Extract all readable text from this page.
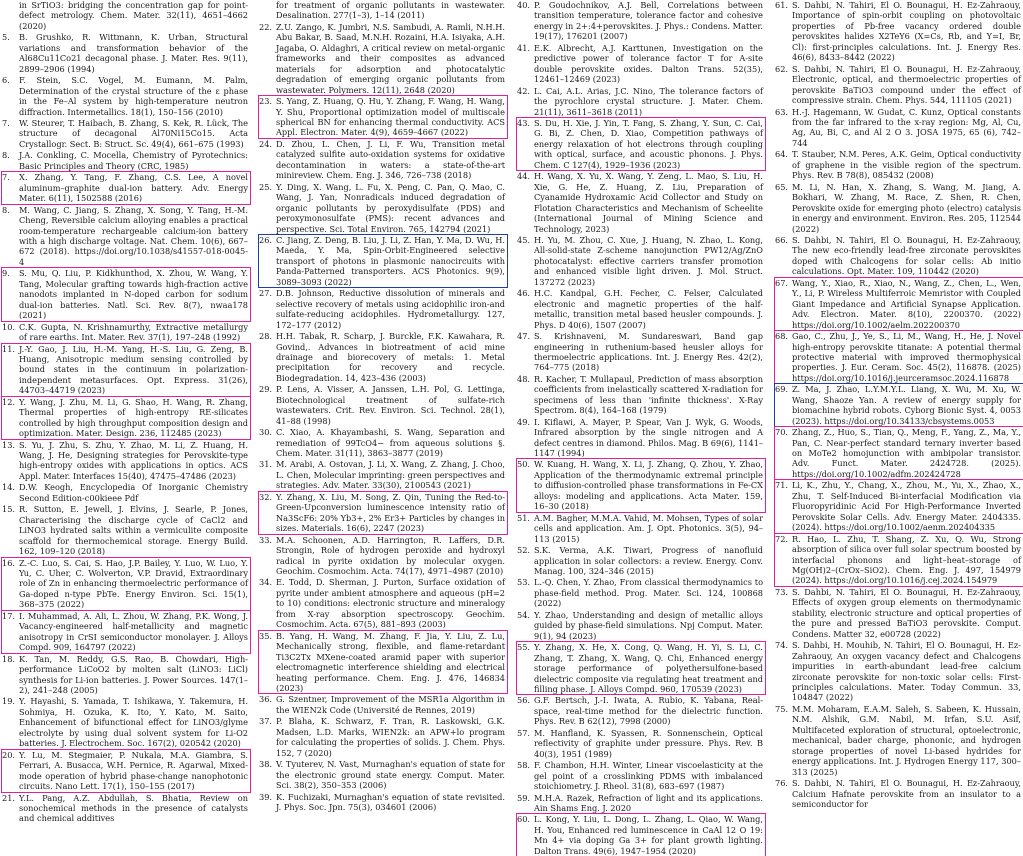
in SrTiO3: bridging the concentration gap for point-defect metrology. Chem. Mater. 32(11), 4651–4662 (2020)
5.	B. Grushko, R. Wittmann, K. Urban, Structural variations and transformation behavior of the Al68Cu11Co21 decagonal phase. J. Mater. Res. 9(11), 2899–2906 (1994)
6.	F. Stein, S.C. Vogel, M. Eumann, M. Palm, Determination of the crystal structure of the ε phase in the Fe–Al system by high-temperature neutron diffraction. Intermetallics. 18(1), 150–156 (2010)
7.	W. Steurer, T. Haibach, B. Zhang, S. Kek, R. Lück, The structure of decagonal Al70Ni15Co15. Acta Crystallogr. Sect. B: Struct. Sc. 49(4), 661–675 (1993)
8.	J.A. Conkling, C. Mocella, Chemistry of Pyrotechnics: Basic Principles and Theory (CRC, 1985)
7.	X. Zhang, Y. Tang, F. Zhang, C.S. Lee, A novel aluminum–graphite dual-ion battery. Adv. Energy Mater. 6(11), 1502588 (2016)
8.	M. Wang, C. Jiang, S. Zhang, X. Song, Y. Tang, H.-M. Cheng, Reversible calcium alloying enables a practical room-temperature rechargeable calcium-ion battery with a high discharge voltage. Nat. Chem. 10(6), 667–672 (2018). https://doi.org/10.1038/s41557-018-0045-4
9.	S. Mu, Q. Liu, P. Kidkhunthod, X. Zhou, W. Wang, Y. Tang, Molecular grafting towards high-fraction active nanodots implanted in N-doped carbon for sodium dual-ion batteries. Natl. Sci. Rev. 8(7), nwaa178 (2021)
10. C.K. Gupta, N. Krishnamurthy, Extractive metallurgy of rare earths. Int. Mater. Rev. 37(1), 197–248 (1992)
11. J.-Y. Gao, J. Liu, H.-M. Yang, H.-S. Liu, G. Zeng, B. Huang, Anisotropic medium sensing controlled by bound states in the continuum in polarization-independent metasurfaces. Opt. Express. 31(26), 44703–44719 (2023)
12. Y. Wang, J. Zhu, M. Li, G. Shao, H. Wang, R. Zhang, Thermal properties of high-entropy RE-silicates controlled by high throughput composition design and optimization. Mater. Design. 236, 112485 (2023)
13. S. Yu, J. Zhu, S. Zhu, Y. Zhao, M. Li, Z. Huang, H. Wang, J. He, Designing strategies for Perovskite-type high-entropy oxides with applications in optics. ACS Appl. Mater. Interfaces 15(40), 47475–47486 (2023)
14. D.W. Keogh, Encyclopedia Of Inorganic Chemistry Second Edition-c00kieee Pdf
15. R. Sutton, E. Jewell, J. Elvins, J. Searle, P. Jones, Characterising the discharge cycle of CaCl2 and LiNO3 hydrated salts within a vermiculite composite scaffold for thermochemical storage. Energy Build. 162, 109–120 (2018)
16. Z.-C. Luo, S. Cai, S. Hao, J.P. Bailey, Y. Luo, W. Luo, Y. Yu, C. Uher, C. Wolverton, V.P. Dravid, Extraordinary role of Zn in enhancing thermoelectric performance of Ga-doped n-type PbTe. Energy Environ. Sci. 15(1), 368–375 (2022)
17. I. Muhammad, A. Ali, L. Zhou, W. Zhang, P.K. Wong, J. Vacancy-engineered half-metallicity and magnetic anisotropy in CrSI semiconductor monolayer. J. Alloys Compd. 909, 164797 (2022)
18. K. Tan, M. Reddy, G.S. Rao, B. Chowdari, High-performance LiCoO2 by molten salt (LiNO3: LiCl) synthesis for Li-ion batteries. J. Power Sources. 147(1–2), 241–248 (2005)
19. Y. Hayashi, S. Yamada, T. Ishikawa, Y. Takemura, H. Sohmiya, H. Ozuka, K. Ito, Y. Kato, M. Saito, Enhancement of bifunctional effect for LiNO3/glyme electrolyte by using dual solvent system for Li-O2 batteries. J. Electrochem. Soc. 167(2), 020542 (2020)
20. Y. Lu, M. Stegmaier, P. Nukala, M.A. Giambra, S. Ferrari, A. Busacca, W.H. Pernice, R. Agarwal, Mixed-mode operation of hybrid phase-change nanophotonic circuits. Nano Lett. 17(1), 150–155 (2017)
21. Y.L. Pang, A.Z. Abdullah, S. Bhatia, Review on sonochemical methods in the presence of catalysts and chemical additives
for treatment of organic pollutants in wastewater. Desalination. 277(1–3), 1–14 (2011)
22. Z.U. Zango, K. Jumbri, N.S. Sambudi, A. Ramli, N.H.H. Abu Bakar, B. Saad, M.N.H. Rozaini, H.A. Isiyaka, A.H. Jagaba, O. Aldaghri, A critical review on metal-organic frameworks and their composites as advanced materials for adsorption and photocatalytic degradation of emerging organic pollutants from wastewater. Polymers. 12(11), 2648 (2020)
23. S. Yang, Z. Huang, Q. Hu, Y. Zhang, F. Wang, H. Wang, Y. Shu, Proportional optimization model of multiscale spherical BN for enhancing thermal conductivity. ACS Appl. Electron. Mater. 4(9), 4659–4667 (2022)
24. D. Zhou, L. Chen, J. Li, F. Wu, Transition metal catalyzed sulfite auto-oxidation systems for oxidative decontamination in waters: a state-of-the-art minireview. Chem. Eng. J. 346, 726–738 (2018)
25. Y. Ding, X. Wang, L. Fu, X. Peng, C. Pan, Q. Mao, C. Wang, J. Yan, Nonradicals induced degradation of organic pollutants by peroxydisulfate (PDS) and peroxymonosulfate (PMS): recent advances and perspective. Sci. Total Environ. 765, 142794 (2021)
26. C. Jiang, Z. Deng, B. Liu, J. Li, Z. Han, Y. Ma, D. Wu, H. Maeda, Y. Ma, Spin-Orbit-Engineered selective transport of photons in plasmonic nanocircuits with Panda-Patterned transporters. ACS Photonics. 9(9), 3089–3093 (2022)
27. D.B. Johnson, Reductive dissolution of minerals and selective recovery of metals using acidophilic iron-and sulfate-reducing acidophiles. Hydrometallurgy. 127, 172–177 (2012)
28. H.H. Tabak, R. Scharp, J. Burckle, F.K. Kawahara, R. Govind,. Advances in biotreatment of acid mine drainage and biorecovery of metals: 1. Metal precipitation for recovery and recycle. Biodegradation. 14, 423–436 (2003)
29. P. Lens, A. Visser, A. Janssen, L.H. Pol, G. Lettinga, Biotechnological treatment of sulfate-rich wastewaters. Crit. Rev. Environ. Sci. Technol. 28(1), 41–88 (1998)
30. C. Xiao, A. Khayambashi, S. Wang, Separation and remediation of 99TcO4− from aqueous solutions §. Chem. Mater. 31(11), 3863–3877 (2019)
31. M. Arabi, A. Ostovan, J. Li, X. Wang, Z. Zhang, J. Choo, L. Chen, Molecular imprinting: green perspectives and strategies. Adv. Mater. 33(30), 2100543 (2021)
32. Y. Zhang, X. Liu, M. Song, Z. Qin, Tuning the Red-to-Green-Upconversion luminescence intensity ratio of Na3ScF6: 20% Yb3+, 2% Er3+ Particles by changes in sizes. Materials. 16(6), 2247 (2023)
33. M.A. Schoonen, A.D. Harrington, R. Laffers, D.R. Strongin, Role of hydrogen peroxide and hydroxyl radical in pyrite oxidation by molecular oxygen. Geochim. Cosmochim. Acta. 74(17), 4971–4987 (2010)
34. E. Todd, D. Sherman, J. Purton, Surface oxidation of pyrite under ambient atmosphere and aqueous (pH=2 to 10) conditions: electronic structure and mineralogy from X-ray absorption spectroscopy. Geochim. Cosmochim. Acta. 67(5), 881–893 (2003)
35. B. Yang, H. Wang, M. Zhang, F. Jia, Y. Liu, Z. Lu, Mechanically strong, flexible, and flame-retardant Ti3C2Tx MXene-coated aramid paper with superior electromagnetic interference shielding and electrical heating performance. Chem. Eng. J. 476, 146834 (2023)
36. G. Szentner, Improvement of the MSR1a Algorithm in the WIEN2k Code (Université de Rennes, 2019)
37. P. Blaha, K. Schwarz, F. Tran, R. Laskowski, G.K. Madsen, L.D. Marks, WIEN2k: an APW+lo program for calculating the properties of solids. J. Chem. Phys. 152, 7 (2020)
38. V. Tyuterev, N. Vast, Murnaghan's equation of state for the electronic ground state energy. Comput. Mater. Sci. 38(2), 350–353 (2006)
39. K. Fuchizaki, Murnaghan's equation of state revisited. J. Phys. Soc. Jpn. 75(3), 034601 (2006)
40. P. Goudochnikov, A.J. Bell, Correlations between transition temperature, tolerance factor and cohesive energy in 2+:4+perovskites. J. Phys.: Condens. Matter. 19(17), 176201 (2007)
41. E.K. Albrecht, A.J. Karttunen, Investigation on the predictive power of tolerance factor T for A-site double perovskite oxides. Dalton Trans. 52(35), 12461–12469 (2023)
42. L. Cai, A.L. Arias, J.C. Nino, The tolerance factors of the pyrochlore crystal structure. J. Mater. Chem. 21(11), 3611–3618 (2011)
43. S. Du, H. Xie, J. Yin, T. Fang, S. Zhang, Y. Sun, C. Cai, G. Bi, Z. Chen, D. Xiao, Competition pathways of energy relaxation of hot electrons through coupling with optical, surface, and acoustic phonons. J. Phys. Chem. C 127(4), 1929–1936 (2023)
44. H. Wang, X. Yu, X. Wang, Y. Zeng, L. Mao, S. Liu, H. Xie, G. He, Z. Huang, Z. Liu, Preparation of Cyanamide Hydroxamic Acid Collector and Study on Flotation Characteristics and Mechanism of Scheelite (International Journal of Mining Science and Technology, 2023)
45. H. Yu, M. Zhou, C. Xue, J. Huang, N. Zhao, L. Kong, All-solid-state Z-scheme nanojunction PW12/Ag/ZnO photocatalyst: effective carriers transfer promotion and enhanced visible light driven. J. Mol. Struct. 137272 (2023)
46. H.C. Kandpal, G.H. Fecher, C. Felser, Calculated electronic and magnetic properties of the half-metallic, transition metal based heusler compounds. J. Phys. D 40(6), 1507 (2007)
47. S. Krishnaveni, M. Sundareswari, Band gap engineering in ruthenium-based heusler alloys for thermoelectric applications. Int. J. Energy Res. 42(2), 764–775 (2018)
48. R. Kacher, T. Mullapaul, Prediction of mass absorption coefficients from inelastically scattered X-radiation for specimens of less than 'infinite thickness'. X-Ray Spectrom. 8(4), 164–168 (1979)
49. I. Kiflawi, A. Mayer, P. Spear, Van J. Wyk, G. Woods, Infrared absorption by the single nitrogen and A defect centres in diamond. Philos. Mag. B 69(6), 1141–1147 (1994)
50. W. Kuang, H. Wang, X. Li, J. Zhang, Q. Zhou, Y. Zhao, Application of the thermodynamic extremal principle to diffusion-controlled phase transformations in Fe-CX alloys: modeling and applications. Acta Mater. 159, 16–30 (2018)
51. A.M. Bagher, M.M.A. Vahid, M. Mohsen, Types of solar cells and application. Am. J. Opt. Photonics. 3(5), 94–113 (2015)
52. S.K. Verma, A.K. Tiwari, Progress of nanofluid application in solar collectors: a review. Energy. Conv. Manag. 100, 324–346 (2015)
53. L.-Q. Chen, Y. Zhao, From classical thermodynamics to phase-field method. Prog. Mater. Sci. 124, 100868 (2022)
54. Y. Zhao, Understanding and design of metallic alloys guided by phase-field simulations. Npj Comput. Mater. 9(1), 94 (2023)
55. Y. Zhang, X. He, X. Cong, Q. Wang, H. Yi, S. Li, C. Zhang, T. Zhang, X. Wang, Q. Chi, Enhanced energy storage performance of polyethersulfone-based dielectric composite via regulating heat treatment and filling phase. J. Alloys Compd. 960, 170539 (2023)
56. G.F. Bertsch, J.-I. Iwata, A. Rubio, K. Yabana, Real-space, real-time method for the dielectric function. Phys. Rev. B 62(12), 7998 (2000)
57. M. Hanfland, K. Syassen, R. Sonnenschein, Optical reflectivity of graphite under pressure. Phys. Rev. B 40(3), 1951 (1989)
58. F. Chambon, H.H. Winter, Linear viscoelasticity at the gel point of a crosslinking PDMS with imbalanced stoichiometry. J. Rheol. 31(8), 683–697 (1987)
59. M.H.A. Razek, Refraction of light and its applications. Ain Shams Eng. J. 2020
60. L. Kong, Y. Liu, L. Dong, L. Zhang, L. Qiao, W. Wang, H. You, Enhanced red luminescence in CaAl 12 O 19: Mn 4+ via doping Ga 3+ for plant growth lighting. Dalton Trans. 49(6), 1947–1954 (2020)
61. S. Dahbi, N. Tahiri, El O. Bounagui, H. Ez-Zahraouy, Importance of spin-orbit coupling on photovoltaic properties of Pb-free vacancy ordered double perovskites halides X2TeY6 (X=Cs, Rb, and Y=I, Br, Cl): first-principles calculations. Int. J. Energy Res. 46(6), 8433–8442 (2022)
62. S. Dahbi, N. Tahiri, El O. Bounagui, H. Ez-Zahraouy, Electronic, optical, and thermoelectric properties of perovskite BaTiO3 compound under the effect of compressive strain. Chem. Phys. 544, 111105 (2021)
63. H.-J. Hagemann, W. Gudat, C. Kunz, Optical constants from the far infrared to the x-ray region: Mg, Al, Cu, Ag, Au, Bi, C, and Al 2 O 3. JOSA 1975, 65 (6), 742–744
64. T. Stauber, N.M. Peres, A.K. Geim, Optical conductivity of graphene in the visible region of the spectrum. Phys. Rev. B 78(8), 085432 (2008)
65. M. Li, N. Han, X. Zhang, S. Wang, M. Jiang, A. Bokhari, W. Zhang, M. Race, Z. Shen, R. Chen, Perovskite oxide for emerging photo (electro) catalysis in energy and environment. Environ. Res. 205, 112544 (2022)
66. S. Dahbi, N. Tahiri, El O. Bounagui, H. Ez-Zahraouy, The new eco-friendly lead-free zirconate perovskites doped with Chalcogens for solar cells: Ab initio calculations. Opt. Mater. 109, 110442 (2020)
67. Wang, Y., Xiao, R., Xiao, N., Wang, Z., Chen, L., Wen, Y., Li, P. Wireless Multiferroic Memristor with Coupled Giant Impedance and Artificial Synapse Application. Adv. Electron. Mater. 8(10), 2200370. (2022) https://doi.org/10.1002/aelm.202200370
68. Gao, C., Zhu, J., Ye, S., Li, M., Wang, H., He, J. Novel high-entropy perovskite titanate: A potential thermal protective material with improved thermophysical properties. J. Eur. Ceram. Soc. 45(2), 116878. (2025) https://doi.org/10.1016/j.jeurceramsoc.2024.116878
69. Z. Ma, J. Zhao, L.Y.M.Y.L. Liang, X. Wu, M. Xu, W. Wang, Shaoze Yan. A review of energy supply for biomachine hybrid robots. Cyborg Bionic Syst. 4, 0053 (2023). https://doi.org/10.34133/cbsystems.0053
70. Zhang, Z., Huo, S., Tian, Q., Meng, F., Yang, Z., Ma, Y., Pan, C. Near-perfect standard ternary inverter based on MoTe2 homojunction with ambipolar transistor. Adv. Funct. Mater. 2424728. (2025). https://doi.org/10.1002/adfm.202424728
71. Li, K., Zhu, Y., Chang, X., Zhou, M., Yu, X., Zhao, X., Zhu, T. Self-Induced Bi-interfacial Modification via Fluoropyridinic Acid For High-Performance Inverted Perovskite Solar Cells. Adv. Energy Mater. 2404335. (2024). https://doi.org/10.1002/aenm.202404335
72. R. Hao, L. Zhu, T. Shang, Z. Xu, Q. Wu, Strong absorption of silica over full solar spectrum boosted by interfacial phonons and light–heat–storage of Mg(OH)2–(CrOx–SiO2). Chem. Eng. J. 497, 154979 (2024). https://doi.org/10.1016/j.cej.2024.154979
73. S. Dahbi, N. Tahiri, El O. Bounagui, H. Ez-Zahraouy, Effects of oxygen group elements on thermodynamic stability, electronic structure and optical properties of the pure and pressed BaTiO3 perovskite. Comput. Condens. Matter 32, e00728 (2022)
74. S. Dahbi, H. Mouhib, N. Tahiri, El O. Bounagui, H. Ez-Zahraouy, An oxygen vacancy defect and Chalcogens impurities in earth-abundant lead-free calcium zirconate perovskite for non-toxic solar cells: First-principles calculations. Mater. Today Commun. 33, 104847 (2022)
75. M.M. Moharam, E.A.M. Saleh, S. Sabeen, K. Hussain, N.M. Alshik, G.M. Nabil, M. Irfan, S.U. Asif, Multifaceted exploration of structural, optoelectronic, mechanical, bader charge, phononic, and hydrogen storage properties of novel Li-based hydrides for energy applications. Int. J. Hydrogen Energy 117, 300–313 (2025)
76. S. Dahbi, N. Tahiri, El O. Bounagui, H. Ez-Zahraouy, Calcium Hafnate perovskite from an insulator to a semiconductor for
